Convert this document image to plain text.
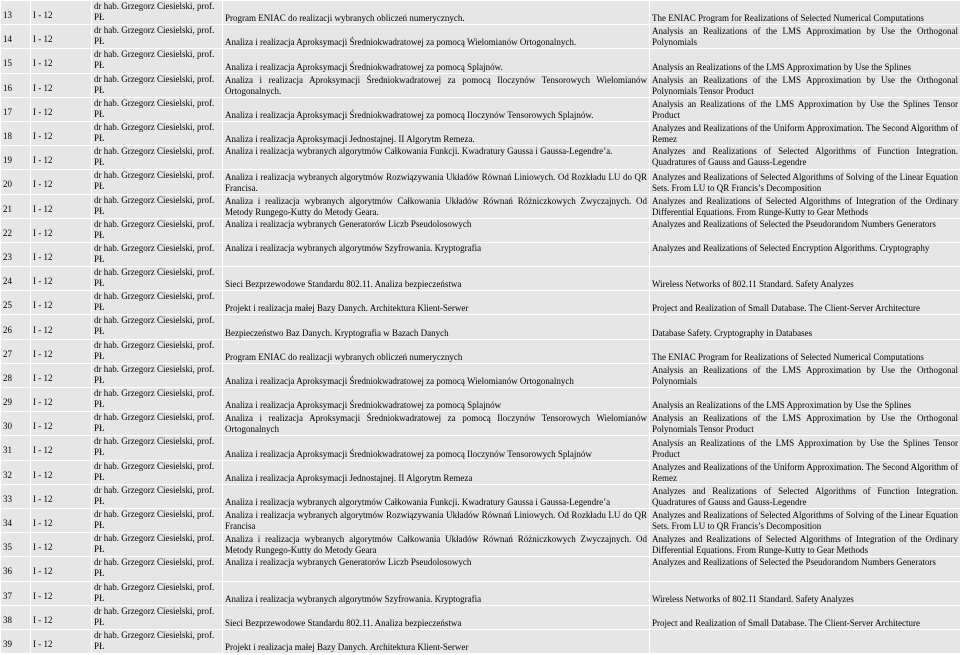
13	I - 12	dr hab. Grzegorz Ciesielski, prof. PŁ	Program ENIAC do realizacji wybranych obliczeń numerycznych.	The ENIAC Program for Realizations of Selected Numerical Computations
14	I - 12	dr hab. Grzegorz Ciesielski, prof. PŁ	Analiza i realizacja Aproksymacji Średniokwadratowej za pomocą Wielomianów Ortogonalnych.	Analysis an Realizations of the LMS Approximation by Use the Orthogonal Polynomials
15	I - 12	dr hab. Grzegorz Ciesielski, prof. PŁ	Analiza i realizacja Aproksymacji Średniokwadratowej za pomocą Splajnów.	Analysis an Realizations of the LMS Approximation by Use the Splines
16	I - 12	dr hab. Grzegorz Ciesielski, prof. PŁ	Analiza i realizacja Aproksymacji Średniokwadratowej za pomocą Iloczynów Tensorowych Wielomianów Ortogonalnych.	Analysis an Realizations of the LMS Approximation by Use the Orthogonal Polynomials Tensor Product
17	I - 12	dr hab. Grzegorz Ciesielski, prof. PŁ	Analiza i realizacja Aproksymacji Średniokwadratowej za pomocą Iloczynów Tensorowych Splajnów.	Analysis an Realizations of the LMS Approximation by Use the Splines Tensor Product
18	I - 12	dr hab. Grzegorz Ciesielski, prof. PŁ	Analiza i realizacja Aproksymacji Jednostajnej. II Algorytm Remeza.	Analyzes and Realizations of the Uniform Approximation. The Second Algorithm of Remez
19	I - 12	dr hab. Grzegorz Ciesielski, prof. PŁ	Analiza i realizacja wybranych algorytmów Całkowania Funkcji. Kwadratury Gaussa i Gaussa-Legendre’a.	Analyzes and Realizations of Selected Algorithms of Function Integration. Quadratures of Gauss and Gauss-Legendre
20	I - 12	dr hab. Grzegorz Ciesielski, prof. PŁ	Analiza i realizacja wybranych algorytmów Rozwiązywania Układów Równań Liniowych. Od Rozkładu LU do QR Francisa.	Analyzes and Realizations of Selected Algorithms of Solving of the Linear Equation Sets. From LU to QR Francis’s Decomposition
21	I - 12	dr hab. Grzegorz Ciesielski, prof. PŁ	Analiza i realizacja wybranych algorytmów Całkowania Układów Równań Różniczkowych Zwyczajnych. Od Metody Rungego-Kutty do Metody Geara.	Analyzes and Realizations of Selected Algorithms of Integration of the Ordinary Differential Equations. From Runge-Kutty to Gear Methods
22	I - 12	dr hab. Grzegorz Ciesielski, prof. PŁ	Analiza i realizacja wybranych Generatorów Liczb Pseudolosowych	Analyzes and Realizations of Selected the Pseudorandom Numbers Generators
23	I - 12	dr hab. Grzegorz Ciesielski, prof. PŁ	Analiza i realizacja wybranych algorytmów Szyfrowania. Kryptografia	Analyzes and Realizations of Selected Encryption Algorithms. Cryptography
24	I - 12	dr hab. Grzegorz Ciesielski, prof. PŁ	Sieci Bezprzewodowe Standardu 802.11. Analiza bezpieczeństwa	Wireless Networks of 802.11 Standard. Safety Analyzes
25	I - 12	dr hab. Grzegorz Ciesielski, prof. PŁ	Projekt i realizacja małej Bazy Danych. Architektura Klient-Serwer	Project and Realization of Small Database. The Client-Server Architecture
26	I - 12	dr hab. Grzegorz Ciesielski, prof. PŁ	Bezpieczeństwo Baz Danych. Kryptografia w Bazach Danych	Database Safety. Cryptography in Databases
27	I - 12	dr hab. Grzegorz Ciesielski, prof. PŁ	Program ENIAC do realizacji wybranych obliczeń numerycznych	The ENIAC Program for Realizations of Selected Numerical Computations
28	I - 12	dr hab. Grzegorz Ciesielski, prof. PŁ	Analiza i realizacja Aproksymacji Średniokwadratowej za pomocą Wielomianów Ortogonalnych	Analysis an Realizations of the LMS Approximation by Use the Orthogonal Polynomials
29	I - 12	dr hab. Grzegorz Ciesielski, prof. PŁ	Analiza i realizacja Aproksymacji Średniokwadratowej za pomocą Splajnów	Analysis an Realizations of the LMS Approximation by Use the Splines
30	I - 12	dr hab. Grzegorz Ciesielski, prof. PŁ	Analiza i realizacja Aproksymacji Średniokwadratowej za pomocą Iloczynów Tensorowych Wielomianów Ortogonalnych	Analysis an Realizations of the LMS Approximation by Use the Orthogonal Polynomials Tensor Product
31	I - 12	dr hab. Grzegorz Ciesielski, prof. PŁ	Analiza i realizacja Aproksymacji Średniokwadratowej za pomocą Iloczynów Tensorowych Splajnów	Analysis an Realizations of the LMS Approximation by Use the Splines Tensor Product
32	I - 12	dr hab. Grzegorz Ciesielski, prof. PŁ	Analiza i realizacja Aproksymacji Jednostajnej. II Algorytm Remeza	Analyzes and Realizations of the Uniform Approximation. The Second Algorithm of Remez
33	I - 12	dr hab. Grzegorz Ciesielski, prof. PŁ	Analiza i realizacja wybranych algorytmów Całkowania Funkcji. Kwadratury Gaussa i Gaussa-Legendre’a	Analyzes and Realizations of Selected Algorithms of Function Integration. Quadratures of Gauss and Gauss-Legendre
34	I - 12	dr hab. Grzegorz Ciesielski, prof. PŁ	Analiza i realizacja wybranych algorytmów Rozwiązywania Układów Równań Liniowych. Od Rozkładu LU do QR Francisa	Analyzes and Realizations of Selected Algorithms of Solving of the Linear Equation Sets. From LU to QR Francis’s Decomposition
35	I - 12	dr hab. Grzegorz Ciesielski, prof. PŁ	Analiza i realizacja wybranych algorytmów Całkowania Układów Równań Różniczkowych Zwyczajnych. Od Metody Rungego-Kutty do Metody Geara	Analyzes and Realizations of Selected Algorithms of Integration of the Ordinary Differential Equations. From Runge-Kutty to Gear Methods
36	I - 12	dr hab. Grzegorz Ciesielski, prof. PŁ	Analiza i realizacja wybranych Generatorów Liczb Pseudolosowych	Analyzes and Realizations of Selected the Pseudorandom Numbers Generators
37	I - 12	dr hab. Grzegorz Ciesielski, prof. PŁ	Analiza i realizacja wybranych algorytmów Szyfrowania. Kryptografia	Wireless Networks of 802.11 Standard. Safety Analyzes
38	I - 12	dr hab. Grzegorz Ciesielski, prof. PŁ	Sieci Bezprzewodowe Standardu 802.11. Analiza bezpieczeństwa	Project and Realization of Small Database. The Client-Server Architecture
39	I - 12	dr hab. Grzegorz Ciesielski, prof. PŁ	Projekt i realizacja małej Bazy Danych. Architektura Klient-Serwer	
